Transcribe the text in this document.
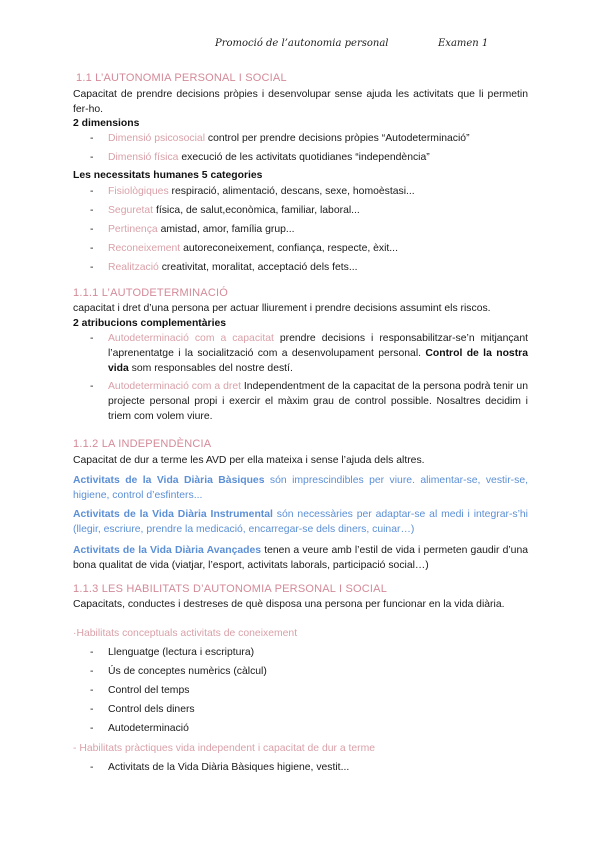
Promoció de l’autonomia personal	Examen 1
1.1 L’AUTONOMIA PERSONAL I SOCIAL
Capacitat de prendre decisions pròpies i desenvolupar sense ajuda les activitats que li permetin fer-ho.
2 dimensions
- Dimensió psicosocial control per prendre decisions pròpies “Autodeterminació”
- Dimensió física execució de les activitats quotidianes “independència”
Les necessitats humanes 5 categories
- Fisiològiques respiració, alimentació, descans, sexe, homoèstasi...
- Seguretat física, de salut,econòmica, familiar, laboral...
- Pertinença amistad, amor, família grup...
- Reconeixement autoreconeixement, confiança, respecte, èxit...
- Realització creativitat, moralitat, acceptació dels fets...
1.1.1 L’AUTODETERMINACIÓ
capacitat i dret d’una persona per actuar lliurement i prendre decisions assumint els riscos.
2 atribucions complementàries
- Autodeterminació com a capacitat prendre decisions i responsabilitzar-se’n mitjançant l’aprenentatge i la socialització com a desenvolupament personal. Control de la nostra vida som responsables del nostre destí.
- Autodeterminació com a dret Independentment de la capacitat de la persona podrà tenir un projecte personal propi i exercir el màxim grau de control possible. Nosaltres decidim i triem com volem viure.
1.1.2 LA INDEPENDÈNCIA
Capacitat de dur a terme les AVD per ella mateixa i sense l’ajuda dels altres.
Activitats de la Vida Diària Bàsiques són imprescindibles per viure. alimentar-se, vestir-se, higiene, control d’esfinters...
Activitats de la Vida Diària Instrumental són necessàries per adaptar-se al medi i integrar-s’hi (llegir, escriure, prendre la medicació, encarregar-se dels diners, cuinar…)
Activitats de la Vida Diària Avançades tenen a veure amb l’estil de vida i permeten gaudir d’una bona qualitat de vida (viatjar, l’esport, activitats laborals, participació social…)
1.1.3 LES HABILITATS D’AUTONOMIA PERSONAL I SOCIAL
Capacitats, conductes i destreses de què disposa una persona per funcionar en la vida diària.
·Habilitats conceptuals activitats de coneixement
- Llenguatge (lectura i escriptura)
- Ús de conceptes numèrics (càlcul)
- Control del temps
- Control dels diners
- Autodeterminació
- Habilitats pràctiques vida independent i capacitat de dur a terme
- Activitats de la Vida Diària Bàsiques higiene, vestit...
